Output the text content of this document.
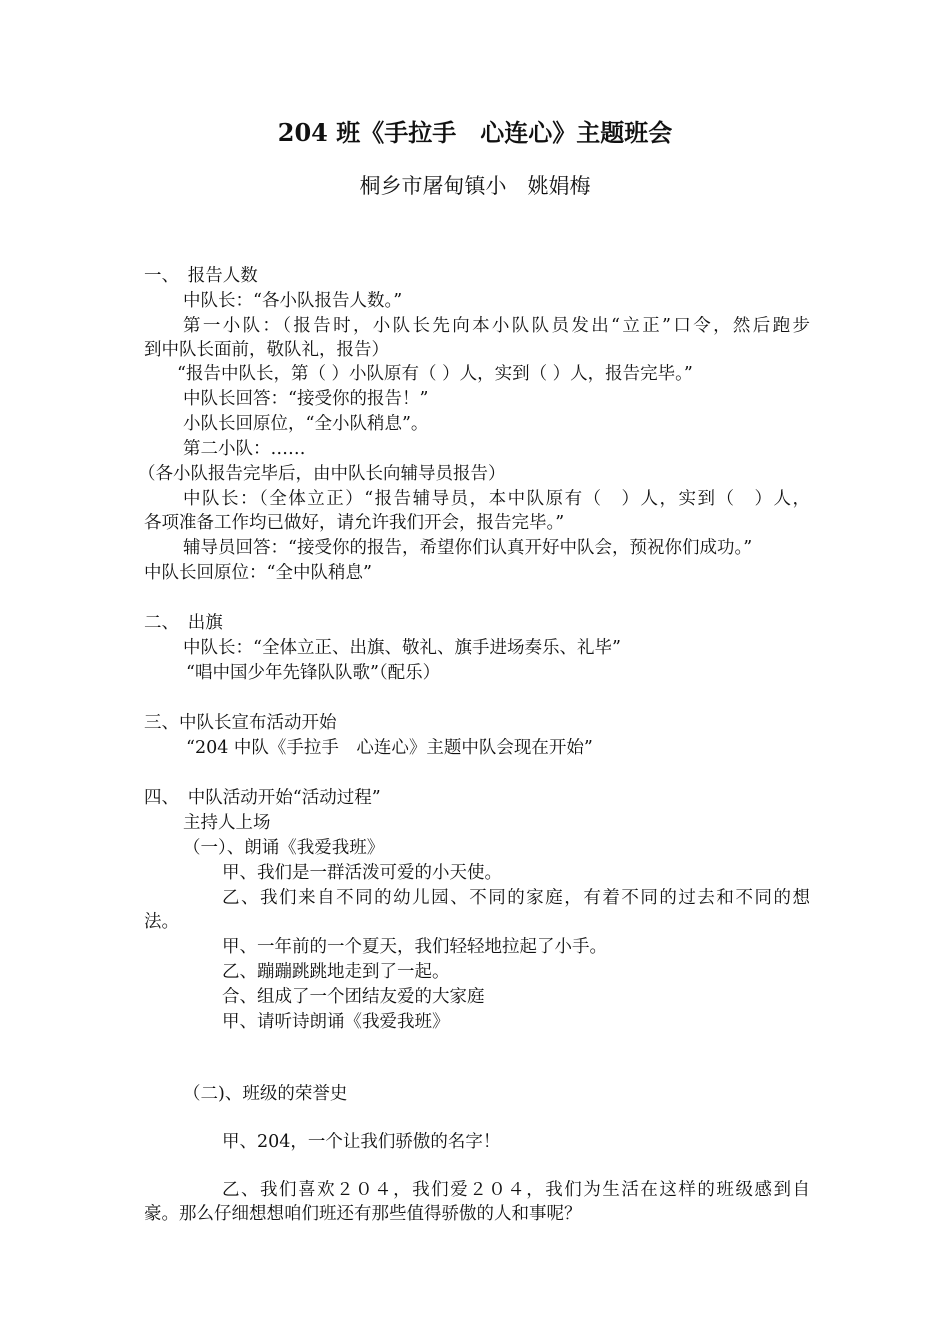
204 班《手拉手　心连心》主题班会
桐乡市屠甸镇小　姚娟梅
一、　报告人数
中队长：“各小队报告人数。”
第一小队：（报告时，小队长先向本小队队员发出“立正”口令，然后跑步
到中队长面前，敬队礼，报告）
“报告中队长，第（ ）小队原有（ ）人，实到（ ）人，报告完毕。”
中队长回答：“接受你的报告！”
小队长回原位，“全小队稍息”。
第二小队：……
（各小队报告完毕后，由中队长向辅导员报告）
中队长：（全体立正）“报告辅导员，本中队原有（　）人，实到（　）人，
各项准备工作均已做好，请允许我们开会，报告完毕。”
辅导员回答：“接受你的报告，希望你们认真开好中队会，预祝你们成功。”
中队长回原位：“全中队稍息”
二、　出旗
中队长：“全体立正、出旗、敬礼、旗手进场奏乐、礼毕”
“唱中国少年先锋队队歌”（配乐）
三、中队长宣布活动开始
“204 中队《手拉手　心连心》主题中队会现在开始”
四、　中队活动开始“活动过程”
主持人上场
（一）、朗诵《我爱我班》
甲、我们是一群活泼可爱的小天使。
乙、我们来自不同的幼儿园、不同的家庭，有着不同的过去和不同的想
法。
甲、一年前的一个夏天，我们轻轻地拉起了小手。
乙、蹦蹦跳跳地走到了一起。
合、组成了一个团结友爱的大家庭
甲、请听诗朗诵《我爱我班》
（二)、班级的荣誉史
甲、204，一个让我们骄傲的名字！
乙、我们喜欢２０４，我们爱２０４，我们为生活在这样的班级感到自
豪。那么仔细想想咱们班还有那些值得骄傲的人和事呢？
